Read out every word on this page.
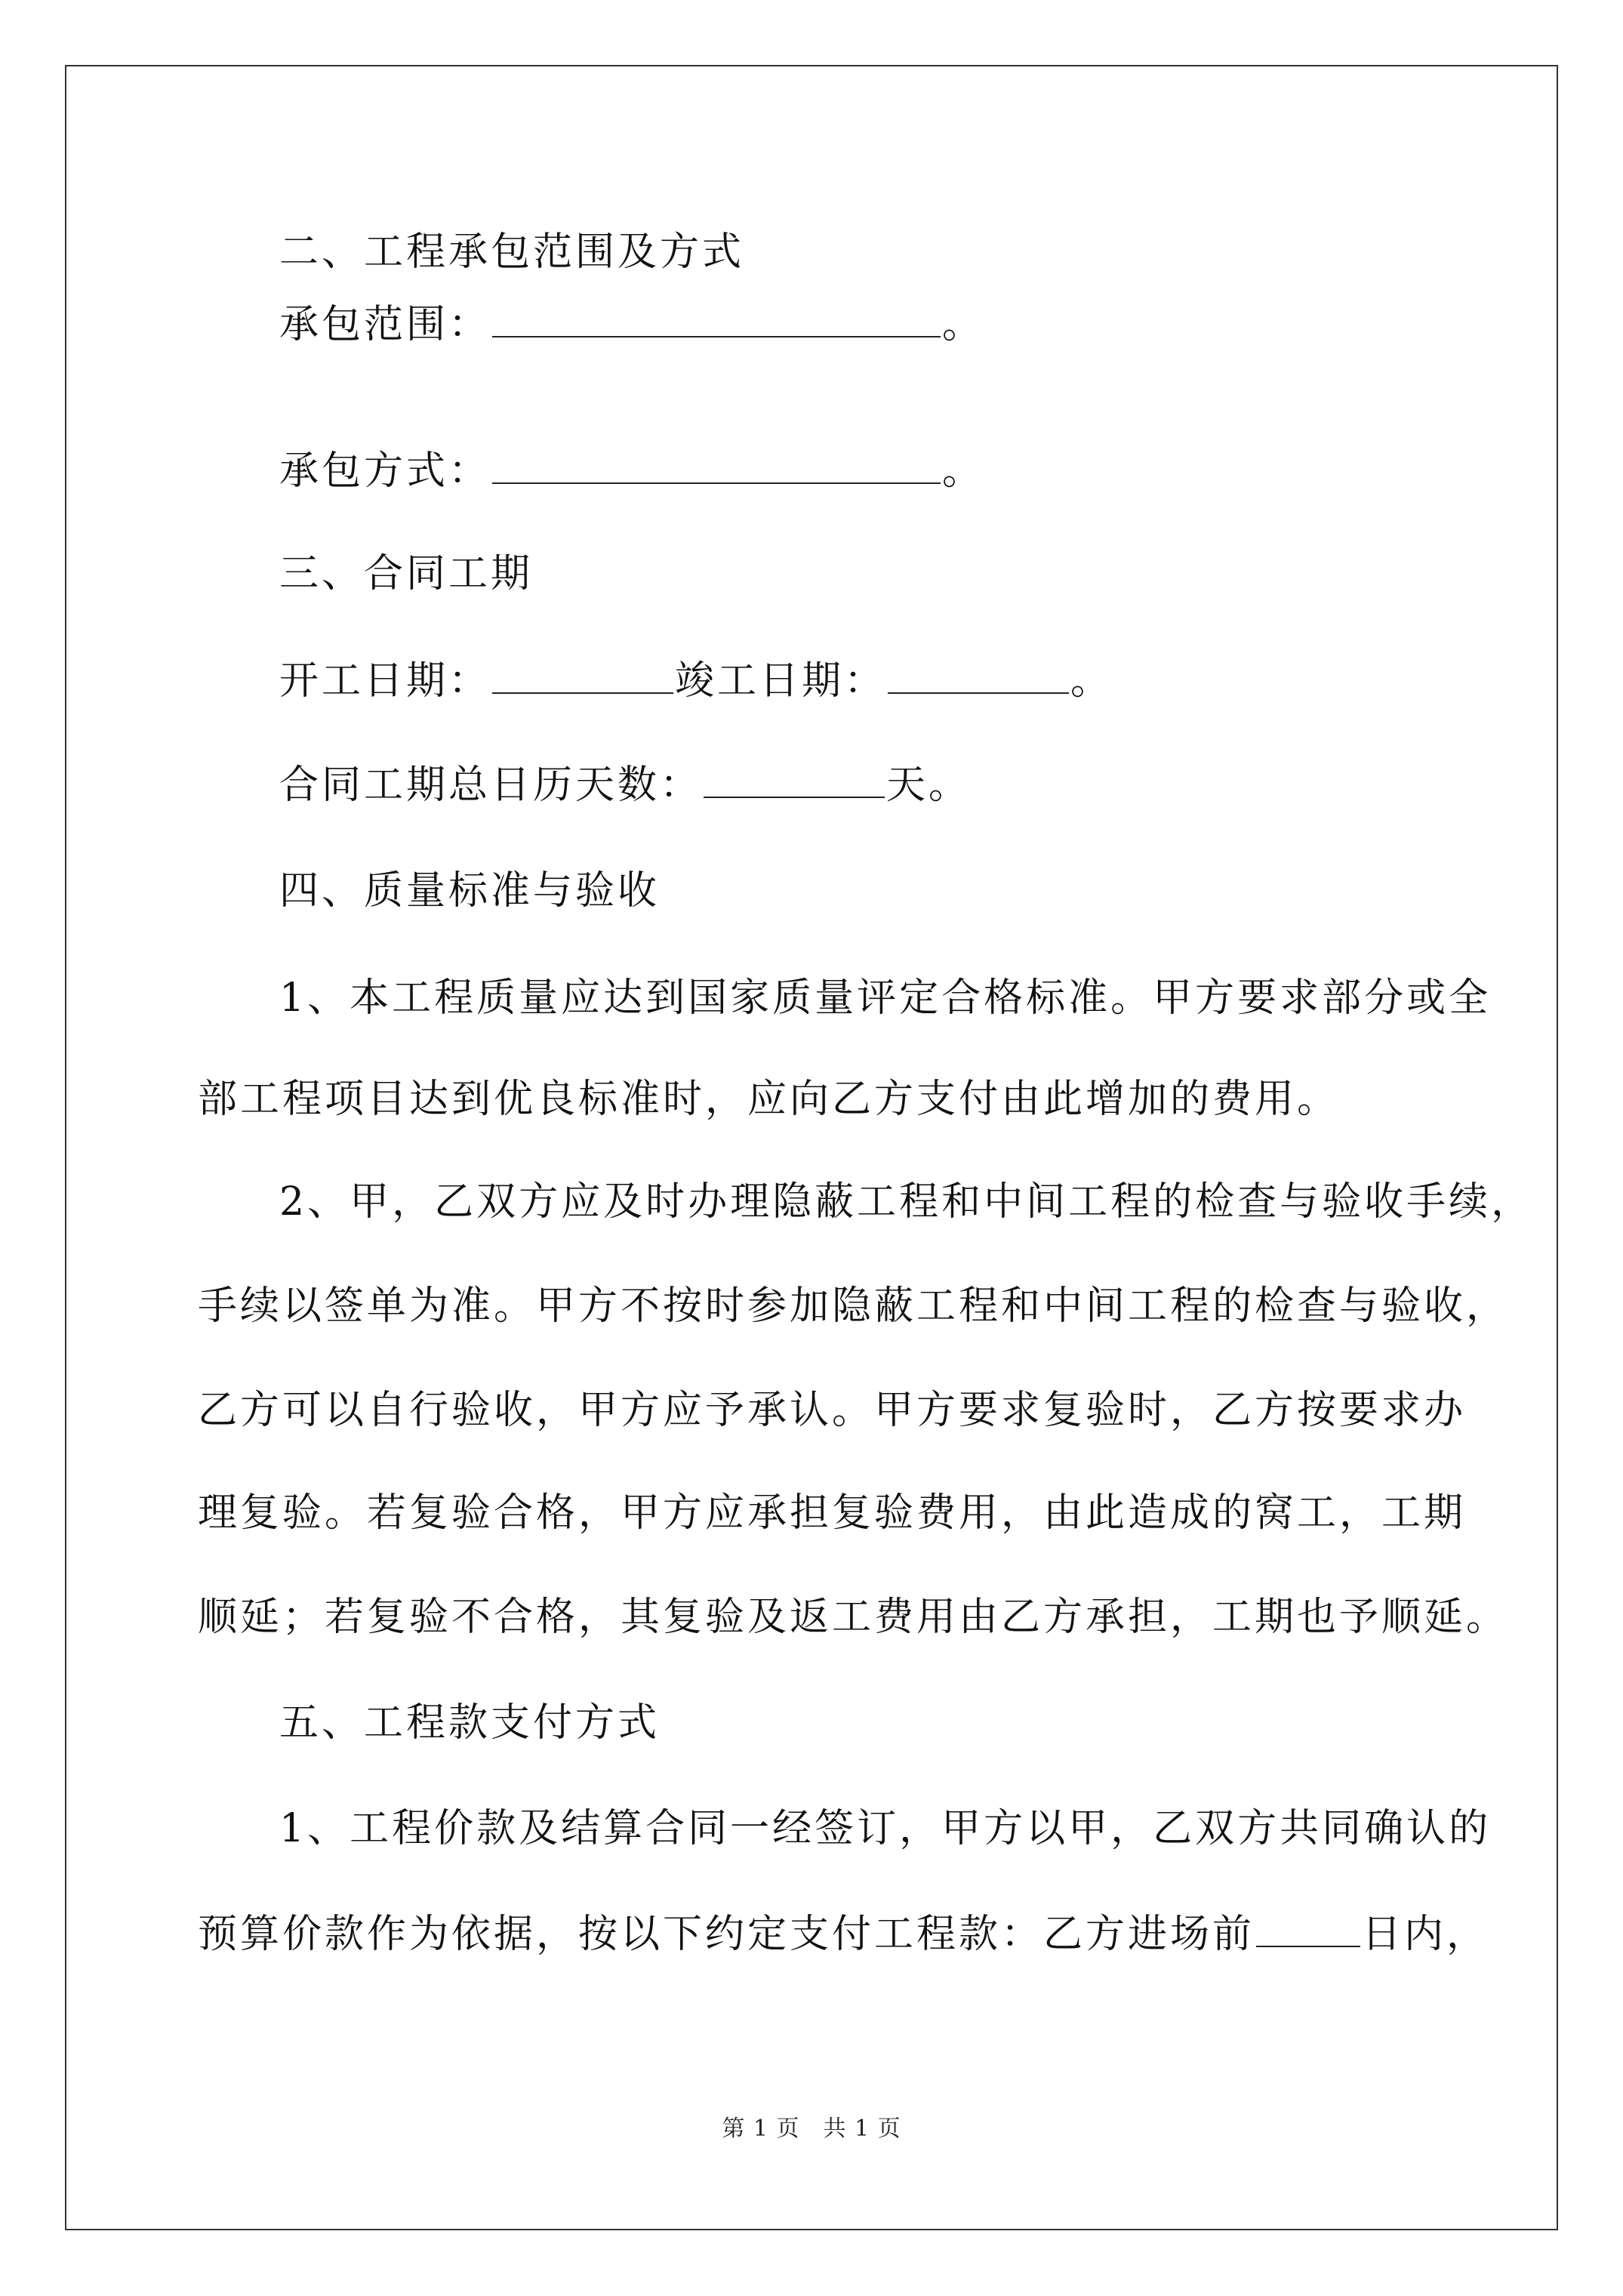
二、工程承包范围及方式
承包范围：	。
承包方式：	。
三、合同工期
开工日期：	竣工日期：	。
合同工期总日历天数：	天。
四、质量标准与验收
1、本工程质量应达到国家质量评定合格标准。甲方要求部分或全
部工程项目达到优良标准时，应向乙方支付由此增加的费用。
2、甲，乙双方应及时办理隐蔽工程和中间工程的检查与验收手续，
手续以签单为准。甲方不按时参加隐蔽工程和中间工程的检查与验收，
乙方可以自行验收，甲方应予承认。甲方要求复验时，乙方按要求办
理复验。若复验合格，甲方应承担复验费用，由此造成的窝工，工期
顺延；若复验不合格，其复验及返工费用由乙方承担，工期也予顺延。
五、工程款支付方式
1、工程价款及结算合同一经签订，甲方以甲，乙双方共同确认的
预算价款作为依据，按以下约定支付工程款：乙方进场前	日内，
第 1 页　共 1 页
